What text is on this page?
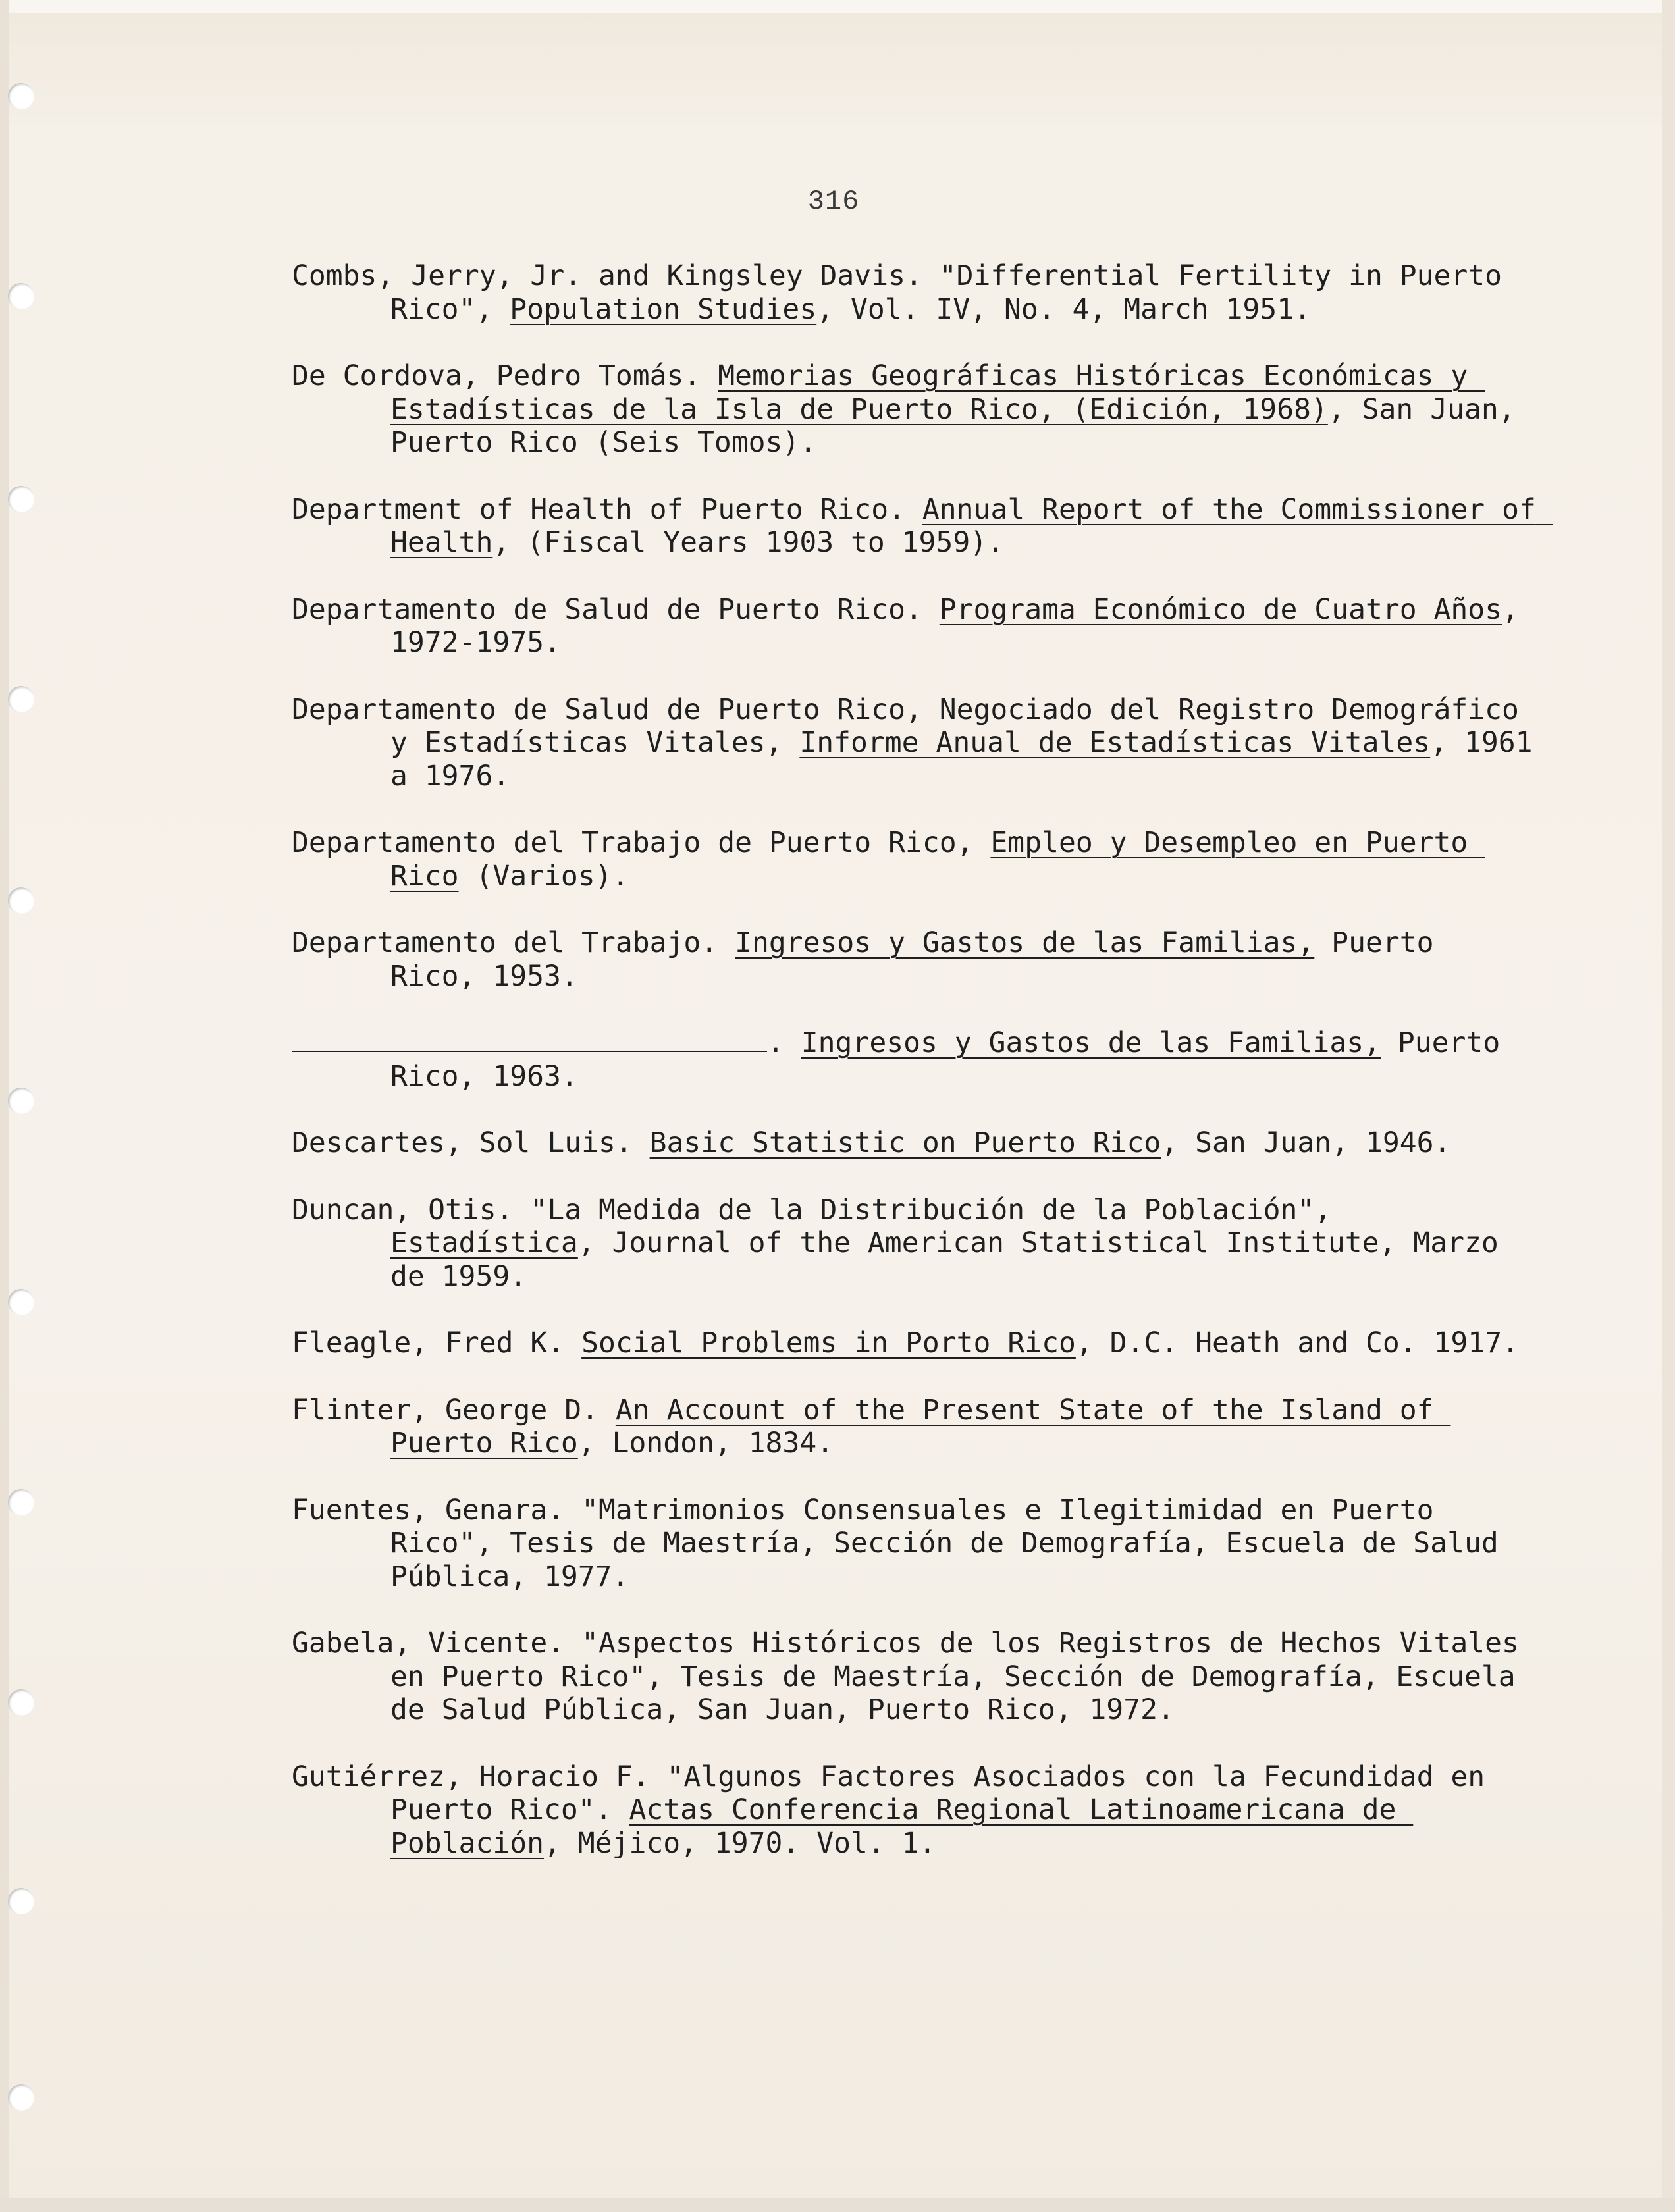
316

Combs, Jerry, Jr. and Kingsley Davis. "Differential Fertility in Puerto Rico", Population Studies, Vol. IV, No. 4, March 1951.

De Cordova, Pedro Tomás. Memorias Geográficas Históricas Económicas y Estadísticas de la Isla de Puerto Rico, (Edición, 1968), San Juan, Puerto Rico (Seis Tomos).

Department of Health of Puerto Rico. Annual Report of the Commissioner of Health, (Fiscal Years 1903 to 1959).

Departamento de Salud de Puerto Rico. Programa Económico de Cuatro Años, 1972-1975.

Departamento de Salud de Puerto Rico, Negociado del Registro Demográfico y Estadísticas Vitales, Informe Anual de Estadísticas Vitales, 1961 a 1976.

Departamento del Trabajo de Puerto Rico, Empleo y Desempleo en Puerto Rico (Varios).

Departamento del Trabajo. Ingresos y Gastos de las Familias, Puerto  Rico, 1953.

. Ingresos y Gastos de las Familias, Puerto Rico, 1963.

Descartes, Sol Luis. Basic Statistic on Puerto Rico, San Juan, 1946.

Duncan, Otis. "La Medida de la Distribución de la Población", Estadística, Journal of the American Statistical Institute, Marzo de 1959.

Fleagle, Fred K. Social Problems in Porto Rico, D.C. Heath and Co. 1917.

Flinter, George D. An Account of the Present State of the Island of Puerto Rico, London, 1834.

Fuentes, Genara. "Matrimonios Consensuales e Ilegitimidad en Puerto Rico", Tesis de Maestría, Sección de Demografía, Escuela de Salud Pública, 1977.

Gabela, Vicente. "Aspectos Históricos de los Registros de Hechos Vitales en Puerto Rico", Tesis de Maestría, Sección de Demografía, Escuela de Salud Pública, San Juan, Puerto Rico, 1972.

Gutiérrez, Horacio F. "Algunos Factores Asociados con la Fecundidad en Puerto Rico". Actas Conferencia Regional Latinoamericana de Población, Méjico, 1970. Vol. 1.
